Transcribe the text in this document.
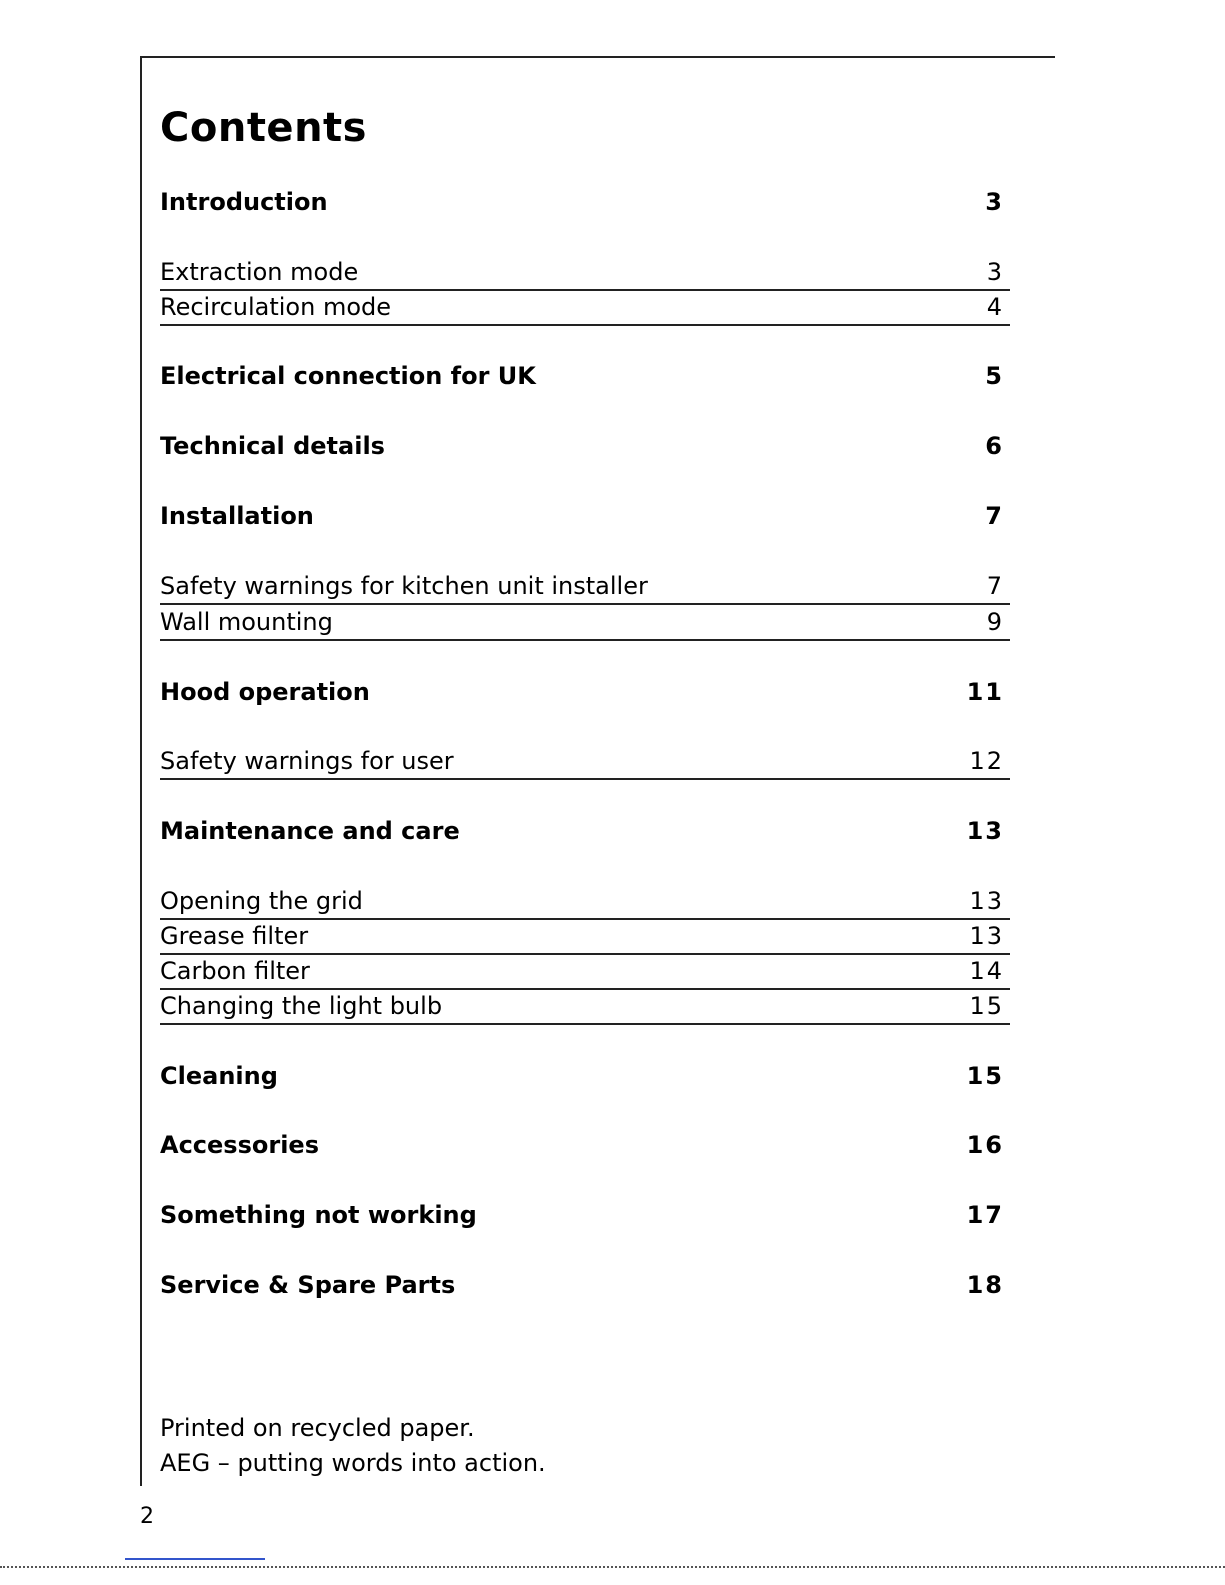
Contents
Introduction	3
Extraction mode	3
Recirculation mode	4
Electrical connection for UK	5
Technical details	6
Installation	7
Safety warnings for kitchen unit installer	7
Wall mounting	9
Hood operation	11
Safety warnings for user	12
Maintenance and care	13
Opening the grid	13
Grease filter	13
Carbon filter	14
Changing the light bulb	15
Cleaning	15
Accessories	16
Something not working	17
Service & Spare Parts	18
Printed on recycled paper.
AEG – putting words into action.
2
